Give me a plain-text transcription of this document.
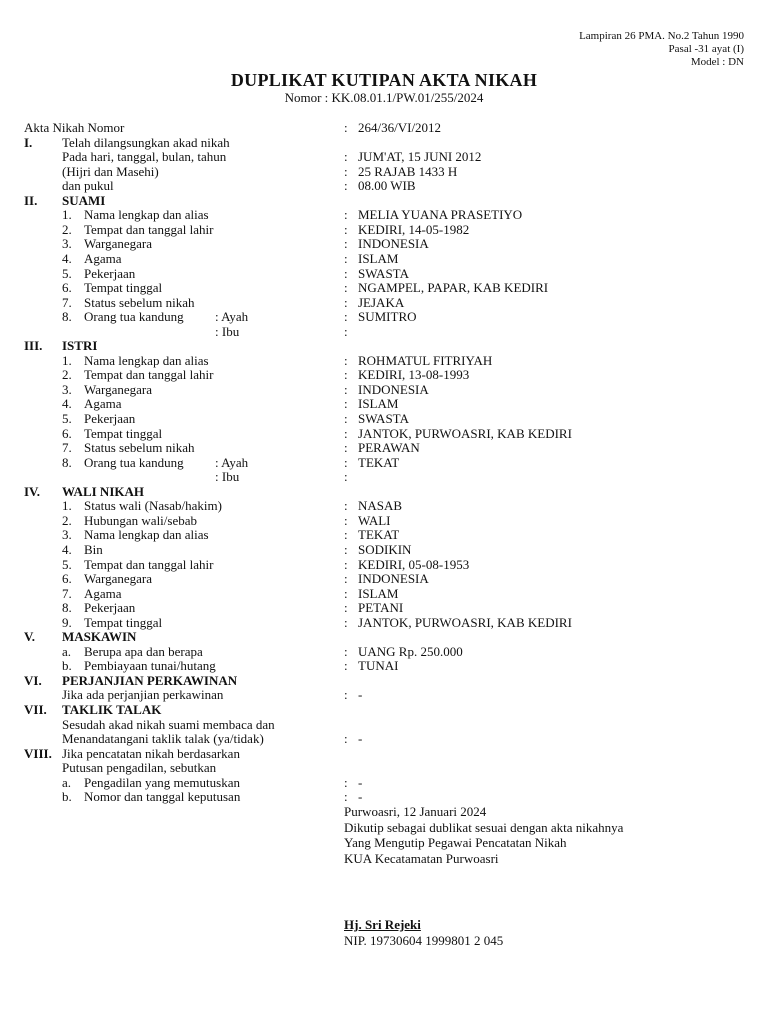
Lampiran 26 PMA. No.2 Tahun 1990
Pasal -31 ayat (I)
Model : DN
DUPLIKAT KUTIPAN AKTA NIKAH
Nomor : KK.08.01.1/PW.01/255/2024
Akta Nikah Nomor	: 264/36/VI/2012
I. Telah dilangsungkan akad nikah
Pada hari, tanggal, bulan, tahun	: JUM'AT, 15 JUNI 2012
(Hijri dan Masehi)	: 25 RAJAB 1433 H
dan pukul	: 08.00 WIB
II. SUAMI
1. Nama lengkap dan alias	: MELIA YUANA PRASETIYO
2. Tempat dan tanggal lahir	: KEDIRI, 14-05-1982
3. Warganegara	: INDONESIA
4. Agama	: ISLAM
5. Pekerjaan	: SWASTA
6. Tempat tinggal	: NGAMPEL, PAPAR, KAB KEDIRI
7. Status sebelum nikah	: JEJAKA
8. Orang tua kandung : Ayah	: SUMITRO
: Ibu	:
III. ISTRI
1. Nama lengkap dan alias	: ROHMATUL FITRIYAH
2. Tempat dan tanggal lahir	: KEDIRI, 13-08-1993
3. Warganegara	: INDONESIA
4. Agama	: ISLAM
5. Pekerjaan	: SWASTA
6. Tempat tinggal	: JANTOK, PURWOASRI, KAB KEDIRI
7. Status sebelum nikah	: PERAWAN
8. Orang tua kandung : Ayah	: TEKAT
: Ibu	:
IV. WALI NIKAH
1. Status wali (Nasab/hakim)	: NASAB
2. Hubungan wali/sebab	: WALI
3. Nama lengkap dan alias	: TEKAT
4. Bin	: SODIKIN
5. Tempat dan tanggal lahir	: KEDIRI, 05-08-1953
6. Warganegara	: INDONESIA
7. Agama	: ISLAM
8. Pekerjaan	: PETANI
9. Tempat tinggal	: JANTOK, PURWOASRI, KAB KEDIRI
V. MASKAWIN
a. Berupa apa dan berapa	: UANG Rp. 250.000
b. Pembiayaan tunai/hutang	: TUNAI
VI. PERJANJIAN PERKAWINAN
Jika ada perjanjian perkawinan	: -
VII. TAKLIK TALAK
Sesudah akad nikah suami membaca dan
Menandatangani taklik talak (ya/tidak)	: -
VIII. Jika pencatatan nikah berdasarkan
Putusan pengadilan, sebutkan
a. Pengadilan yang memutuskan	: -
b. Nomor dan tanggal keputusan	: -
Purwoasri, 12 Januari 2024
Dikutip sebagai dublikat sesuai dengan akta nikahnya
Yang Mengutip Pegawai Pencatatan Nikah
KUA Kecatamatan Purwoasri
Hj. Sri Rejeki
NIP. 19730604 1999801 2 045
